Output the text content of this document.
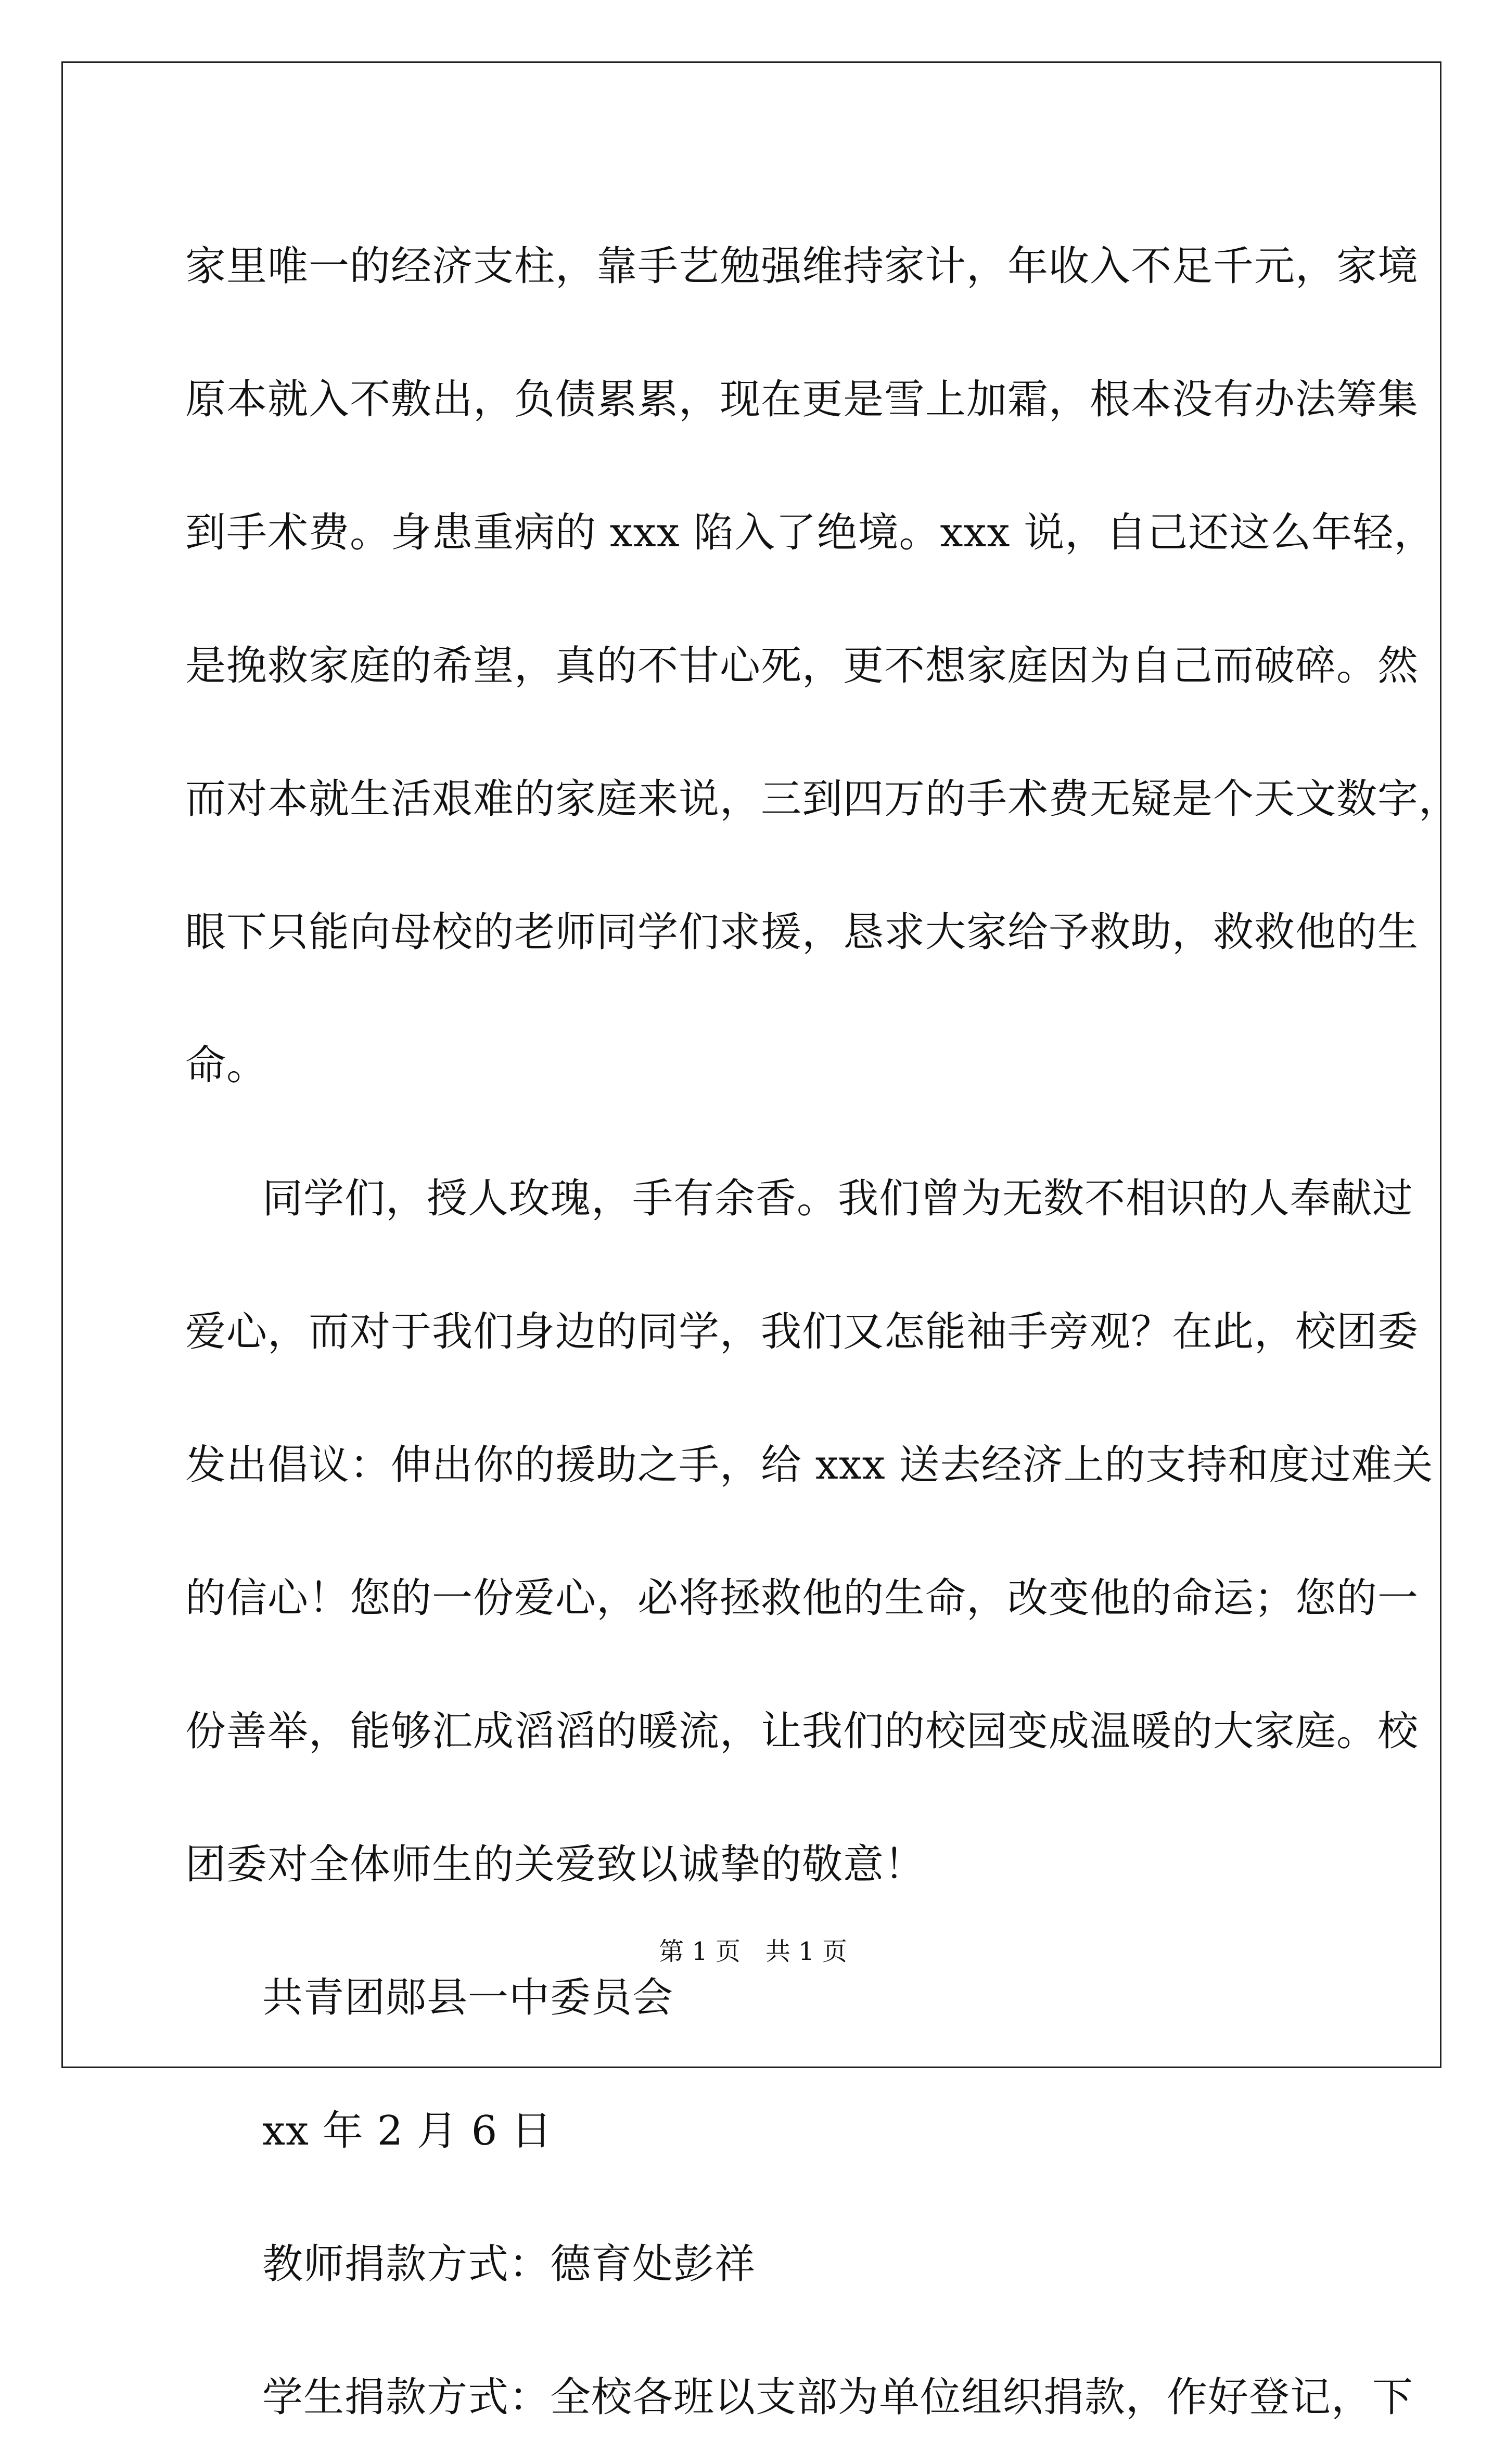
家里唯一的经济支柱，靠手艺勉强维持家计，年收入不足千元，家境
原本就入不敷出，负债累累，现在更是雪上加霜，根本没有办法筹集
到手术费。身患重病的 xxx 陷入了绝境。xxx 说，自己还这么年轻，
是挽救家庭的希望，真的不甘心死，更不想家庭因为自己而破碎。然
而对本就生活艰难的家庭来说，三到四万的手术费无疑是个天文数字，
眼下只能向母校的老师同学们求援，恳求大家给予救助，救救他的生
命。
同学们，授人玫瑰，手有余香。我们曾为无数不相识的人奉献过
爱心，而对于我们身边的同学，我们又怎能袖手旁观？在此，校团委
发出倡议：伸出你的援助之手，给 xxx 送去经济上的支持和度过难关
的信心！您的一份爱心，必将拯救他的生命，改变他的命运；您的一
份善举，能够汇成滔滔的暖流，让我们的校园变成温暖的大家庭。校
团委对全体师生的关爱致以诚挚的敬意！
共青团郧县一中委员会
xx 年 2 月 6 日
教师捐款方式：德育处彭祥
学生捐款方式：全校各班以支部为单位组织捐款，作好登记，下
第 1 页　共 1 页
